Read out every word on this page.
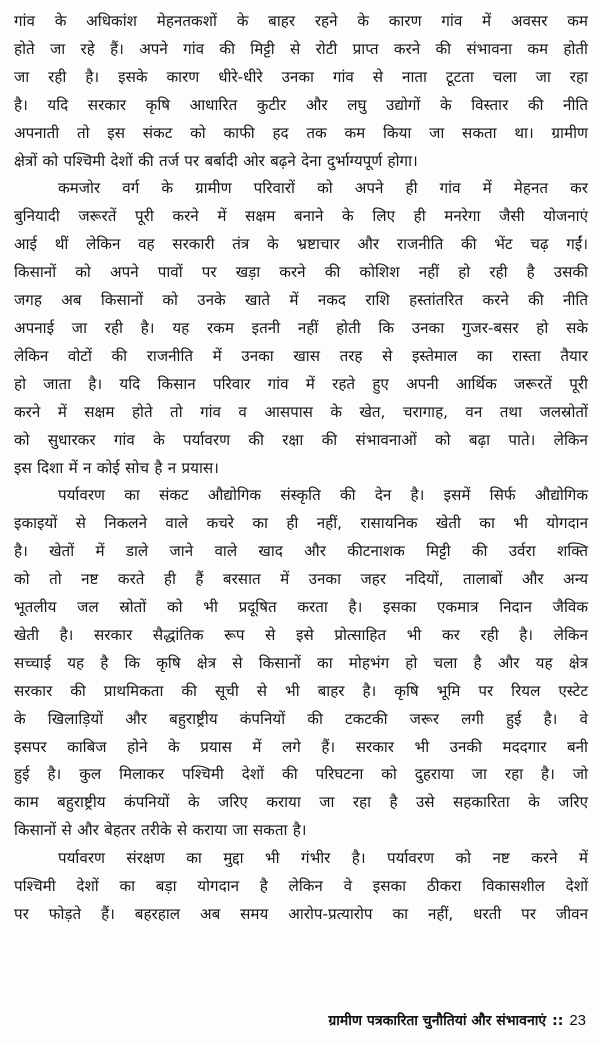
गांव के अधिकांश मेहनतकशों के बाहर रहने के कारण गांव में अवसर कम
होते जा रहे हैं। अपने गांव की मिट्टी से रोटी प्राप्त करने की संभावना कम होती
जा रही है। इसके कारण धीरे-धीरे उनका गांव से नाता टूटता चला जा रहा
है। यदि सरकार कृषि आधारित कुटीर और लघु उद्योगों के विस्तार की नीति
अपनाती तो इस संकट को काफी हद तक कम किया जा सकता था। ग्रामीण
क्षेत्रों को पश्चिमी देशों की तर्ज पर बर्बादी ओर बढ़ने देना दुर्भाग्यपूर्ण होगा।

कमजोर वर्ग के ग्रामीण परिवारों को अपने ही गांव में मेहनत कर
बुनियादी जरूरतें पूरी करने में सक्षम बनाने के लिए ही मनरेगा जैसी योजनाएं
आई थीं लेकिन वह सरकारी तंत्र के भ्रष्टाचार और राजनीति की भेंट चढ़ गईं।
किसानों को अपने पावों पर खड़ा करने की कोशिश नहीं हो रही है उसकी
जगह अब किसानों को उनके खाते में नकद राशि हस्तांतरित करने की नीति
अपनाई जा रही है। यह रकम इतनी नहीं होती कि उनका गुजर-बसर हो सके
लेकिन वोटों की राजनीति में उनका खास तरह से इस्तेमाल का रास्ता तैयार
हो जाता है। यदि किसान परिवार गांव में रहते हुए अपनी आर्थिक जरूरतें पूरी
करने में सक्षम होते तो गांव व आसपास के खेत, चरागाह, वन तथा जलस्रोतों
को सुधारकर गांव के पर्यावरण की रक्षा की संभावनाओं को बढ़ा पाते। लेकिन
इस दिशा में न कोई सोच है न प्रयास।

पर्यावरण का संकट औद्योगिक संस्कृति की देन है। इसमें सिर्फ औद्योगिक
इकाइयों से निकलने वाले कचरे का ही नहीं, रासायनिक खेती का भी योगदान
है। खेतों में डाले जाने वाले खाद और कीटनाशक मिट्टी की उर्वरा शक्ति
को तो नष्ट करते ही हैं बरसात में उनका जहर नदियों, तालाबों और अन्य
भूतलीय जल स्रोतों को भी प्रदूषित करता है। इसका एकमात्र निदान जैविक
खेती है। सरकार सैद्धांतिक रूप से इसे प्रोत्साहित भी कर रही है। लेकिन
सच्चाई यह है कि कृषि क्षेत्र से किसानों का मोहभंग हो चला है और यह क्षेत्र
सरकार की प्राथमिकता की सूची से भी बाहर है। कृषि भूमि पर रियल एस्टेट
के खिलाड़ियों और बहुराष्ट्रीय कंपनियों की टकटकी जरूर लगी हुई है। वे
इसपर काबिज होने के प्रयास में लगे हैं। सरकार भी उनकी मददगार बनी
हुई है। कुल मिलाकर पश्चिमी देशों की परिघटना को दुहराया जा रहा है। जो
काम बहुराष्ट्रीय कंपनियों के जरिए कराया जा रहा है उसे सहकारिता के जरिए
किसानों से और बेहतर तरीके से कराया जा सकता है।

पर्यावरण संरक्षण का मुद्दा भी गंभीर है। पर्यावरण को नष्ट करने में
पश्चिमी देशों का बड़ा योगदान है लेकिन वे इसका ठीकरा विकासशील देशों
पर फोड़ते हैं। बहरहाल अब समय आरोप-प्रत्यारोप का नहीं, धरती पर जीवन

ग्रामीण पत्रकारिता चुनौतियां और संभावनाएं :: 23
